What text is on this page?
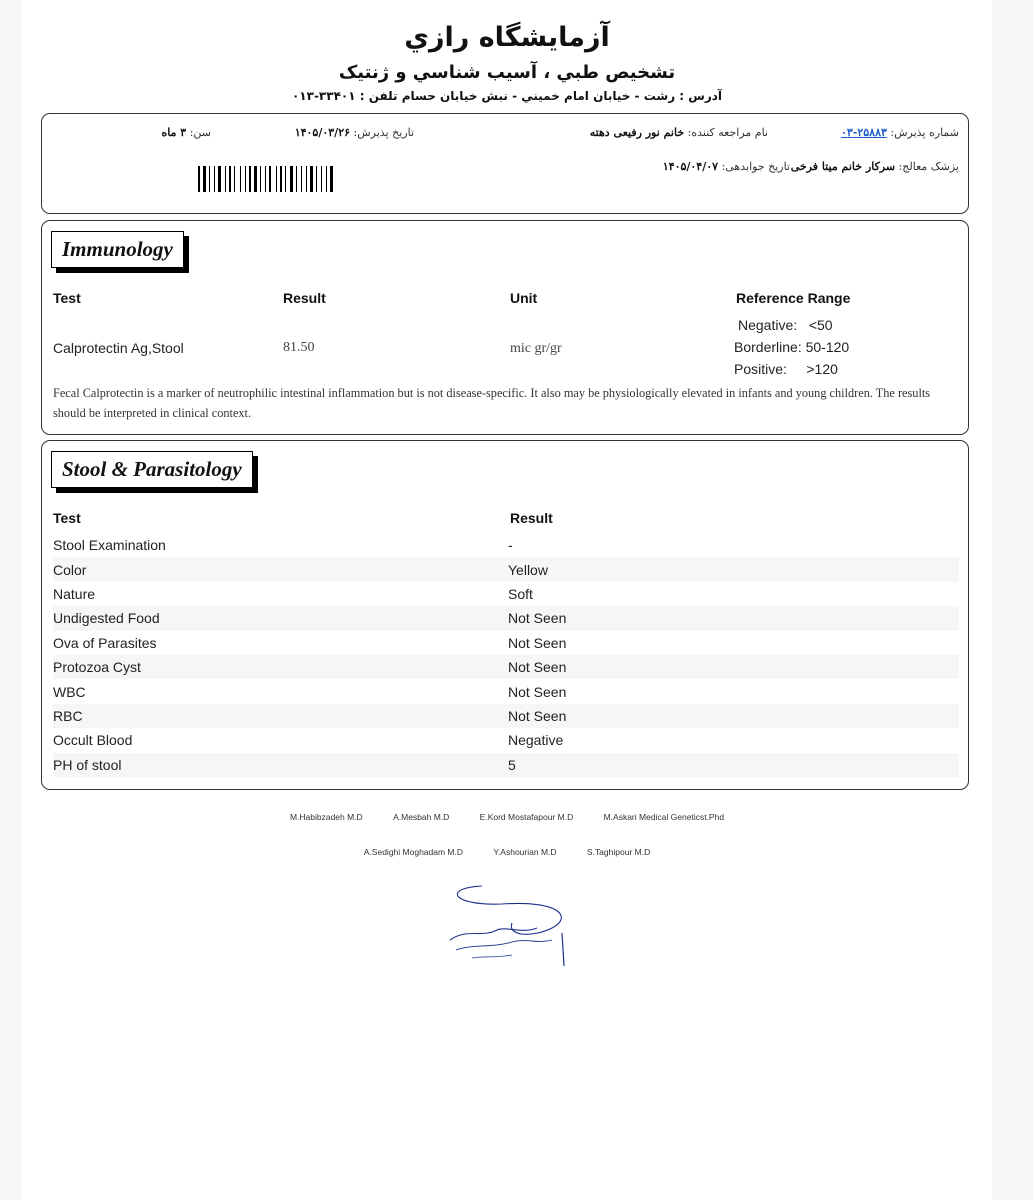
آزمايشگاه رازي
تشخيص طبي ، آسيب شناسي و ژنتيک
آدرس : رشت - خيابان امام خميني - نبش خيابان حسام تلفن : ۳۳۴۰۱-۰۱۳
شماره پذیرش: ۲۵۸۸۳-۰۳
نام مراجعه کننده: خانم نور رفیعی دهته
تاریخ پذیرش: ۱۴۰۵/۰۳/۲۶
سن: ۳ ماه
پزشک معالج: سرکار خانم میتا فرخی
تاریخ جوابدهی: ۱۴۰۵/۰۴/۰۷
Immunology
Test	Result	Unit	Reference Range
Calprotectin Ag,Stool	81.50	mic gr/gr
Negative: <50
Borderline: 50-120
Positive: >120
Fecal Calprotectin is a marker of neutrophilic intestinal inflammation but is not disease-specific. It also may be physiologically elevated in infants and young children. The results should be interpreted in clinical context.
Stool & Parasitology
Test	Result
Stool Examination	-
Color	Yellow
Nature	Soft
Undigested Food	Not Seen
Ova of Parasites	Not Seen
Protozoa Cyst	Not Seen
WBC	Not Seen
RBC	Not Seen
Occult Blood	Negative
PH of stool	5
M.Habibzadeh M.D	A.Mesbah M.D	E.Kord Mostafapour M.D	M.Askari Medical Geneticst.Phd
A.Sedighi Moghadam M.D	Y.Ashourian M.D	S.Taghipour M.D
